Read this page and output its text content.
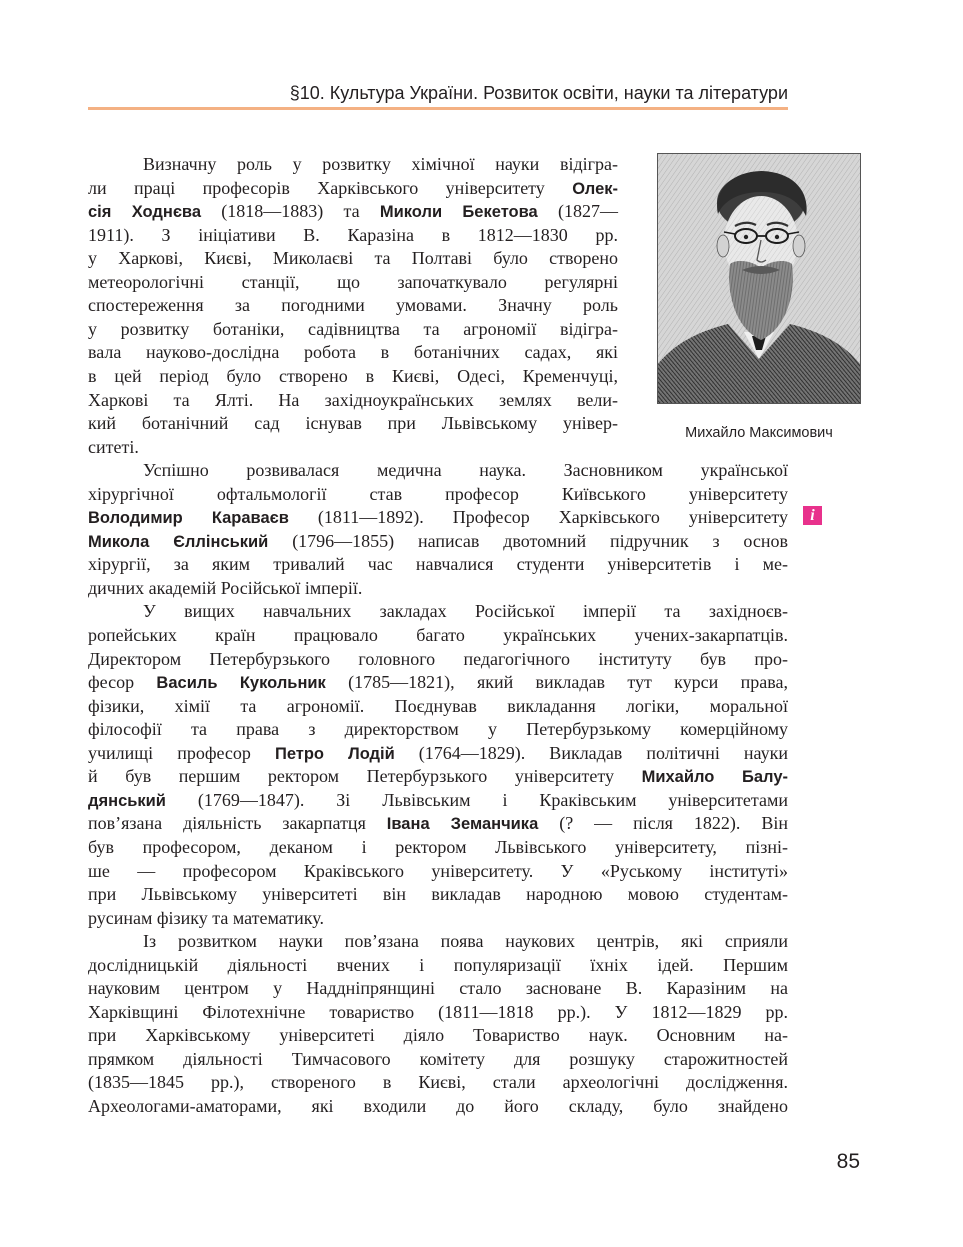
§10. Культура України. Розвиток освіти, науки та літератури
Михайло Максимович
i
Визначну роль у розвитку хімічної науки відігра-
ли праці професорів Харківського університету Олек-
сія Ходнєва (1818—1883) та Миколи Бекетова (1827—
1911). З ініціативи В. Каразіна в 1812—1830 рр.
у Харкові, Києві, Миколаєві та Полтаві було створено
метеорологічні станції, що започаткувало регулярні
спостереження за погодними умовами. Значну роль
у розвитку ботаніки, садівництва та агрономії відігра-
вала науково-дослідна робота в ботанічних садах, які
в цей період було створено в Києві, Одесі, Кременчуці,
Харкові та Ялті. На західноукраїнських землях вели-
кий ботанічний сад існував при Львівському універ-
ситеті.
Успішно розвивалася медична наука. Засновником української
хірургічної офтальмології став професор Київського університету
Володимир Караваєв (1811—1892). Професор Харківського університету
Микола Єллінський (1796—1855) написав двотомний підручник з основ
хірургії, за яким тривалий час навчалися студенти університетів і ме-
дичних академій Російської імперії.
У вищих навчальних закладах Російської імперії та західноєв-
ропейських країн працювало багато українських учених-закарпатців.
Директором Петербурзького головного педагогічного інституту був про-
фесор Василь Кукольник (1785—1821), який викладав тут курси права,
фізики, хімії та агрономії. Поєднував викладання логіки, моральної
філософії та права з директорством у Петербурзькому комерційному
училищі професор Петро Лодій (1764—1829). Викладав політичні науки
й був першим ректором Петербурзького університету Михайло Балу-
дянський (1769—1847). Зі Львівським і Краківським університетами
пов’язана діяльність закарпатця Івана Земанчика (? — після 1822). Він
був професором, деканом і ректором Львівського університету, пізні-
ше — професором Краківського університету. У «Руському інституті»
при Львівському університеті він викладав народною мовою студентам-
русинам фізику та математику.
Із розвитком науки пов’язана поява наукових центрів, які сприяли
дослідницькій діяльності вчених і популяризації їхніх ідей. Першим
науковим центром у Наддніпрянщині стало засноване В. Каразіним на
Харківщині Філотехнічне товариство (1811—1818 рр.). У 1812—1829 рр.
при Харківському університеті діяло Товариство наук. Основним на-
прямком діяльності Тимчасового комітету для розшуку старожитностей
(1835—1845 рр.), створеного в Києві, стали археологічні дослідження.
Археологами-аматорами, які входили до його складу, було знайдено
85
